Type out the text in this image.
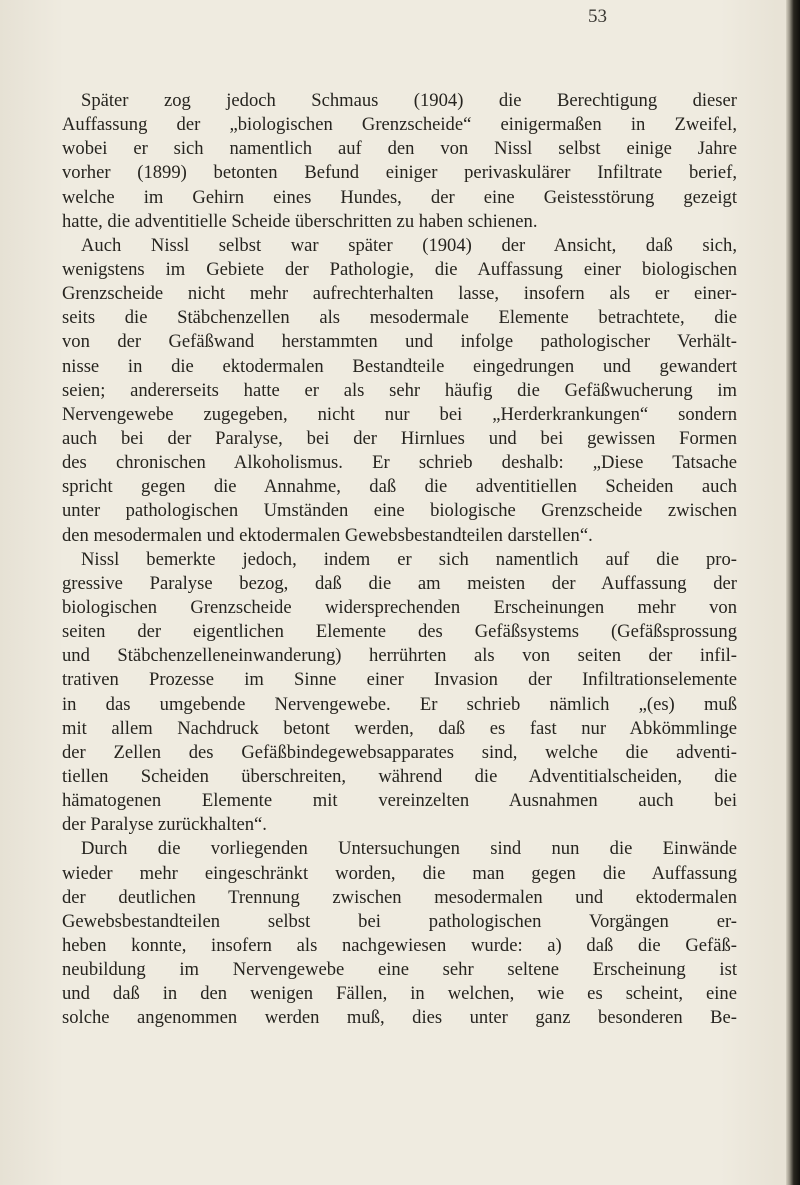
53
Später zog jedoch Schmaus (1904) die Berechtigung dieser
Auffassung der „biologischen Grenzscheide“ einigermaßen in Zweifel,
wobei er sich namentlich auf den von Nissl selbst einige Jahre
vorher (1899) betonten Befund einiger perivaskulärer Infiltrate berief,
welche im Gehirn eines Hundes, der eine Geistesstörung gezeigt
hatte, die adventitielle Scheide überschritten zu haben schienen.
Auch Nissl selbst war später (1904) der Ansicht, daß sich,
wenigstens im Gebiete der Pathologie, die Auffassung einer biologischen
Grenzscheide nicht mehr aufrechterhalten lasse, insofern als er einer-
seits die Stäbchenzellen als mesodermale Elemente betrachtete, die
von der Gefäßwand herstammten und infolge pathologischer Verhält-
nisse in die ektodermalen Bestandteile eingedrungen und gewandert
seien; andererseits hatte er als sehr häufig die Gefäßwucherung im
Nervengewebe zugegeben, nicht nur bei „Herderkrankungen“ sondern
auch bei der Paralyse, bei der Hirnlues und bei gewissen Formen
des chronischen Alkoholismus. Er schrieb deshalb: „Diese Tatsache
spricht gegen die Annahme, daß die adventitiellen Scheiden auch
unter pathologischen Umständen eine biologische Grenzscheide zwischen
den mesodermalen und ektodermalen Gewebsbestandteilen darstellen“.
Nissl bemerkte jedoch, indem er sich namentlich auf die pro-
gressive Paralyse bezog, daß die am meisten der Auffassung der
biologischen Grenzscheide widersprechenden Erscheinungen mehr von
seiten der eigentlichen Elemente des Gefäßsystems (Gefäßsprossung
und Stäbchenzelleneinwanderung) herrührten als von seiten der infil-
trativen Prozesse im Sinne einer Invasion der Infiltrationselemente
in das umgebende Nervengewebe. Er schrieb nämlich „(es) muß
mit allem Nachdruck betont werden, daß es fast nur Abkömmlinge
der Zellen des Gefäßbindegewebsapparates sind, welche die adventi-
tiellen Scheiden überschreiten, während die Adventitialscheiden, die
hämatogenen Elemente mit vereinzelten Ausnahmen auch bei
der Paralyse zurückhalten“.
Durch die vorliegenden Untersuchungen sind nun die Einwände
wieder mehr eingeschränkt worden, die man gegen die Auffassung
der deutlichen Trennung zwischen mesodermalen und ektodermalen
Gewebsbestandteilen selbst bei pathologischen Vorgängen er-
heben konnte, insofern als nachgewiesen wurde: a) daß die Gefäß-
neubildung im Nervengewebe eine sehr seltene Erscheinung ist
und daß in den wenigen Fällen, in welchen, wie es scheint, eine
solche angenommen werden muß, dies unter ganz besonderen Be-
